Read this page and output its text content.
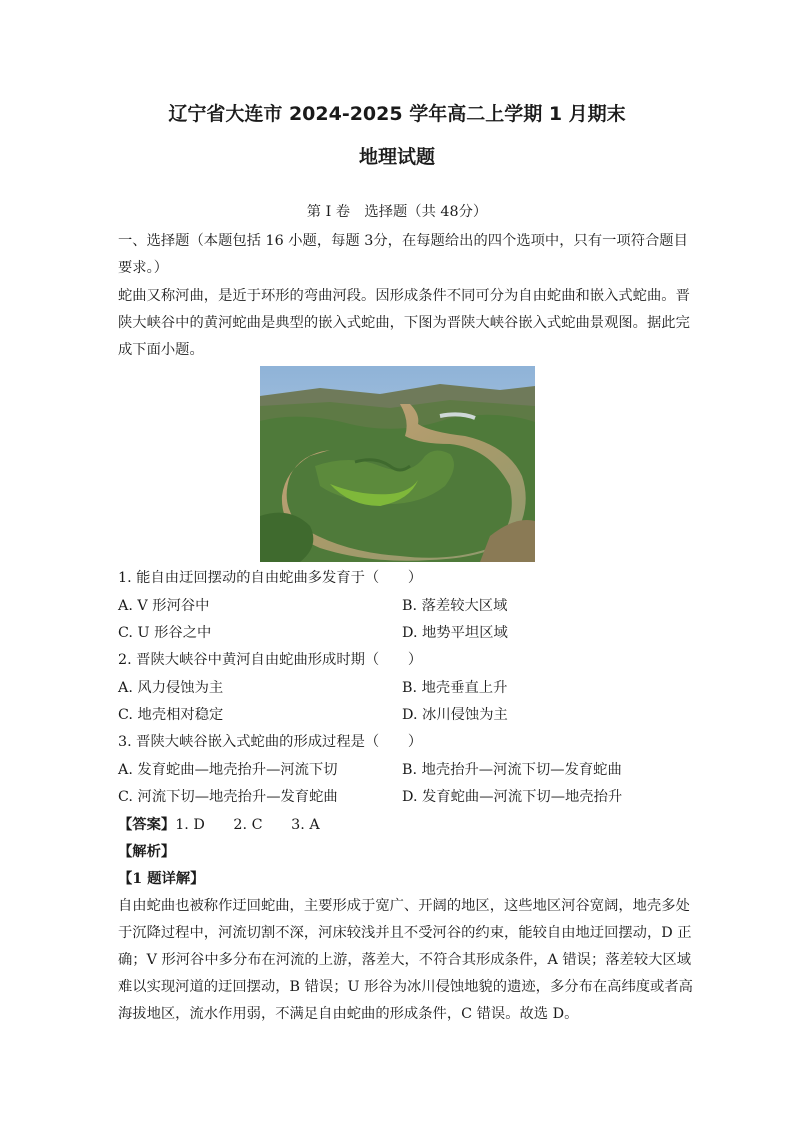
辽宁省大连市 2024-2025 学年高二上学期 1 月期末
地理试题
第 I 卷　选择题（共 48分）
一、选择题（本题包括 16 小题，每题 3分，在每题给出的四个选项中，只有一项符合题目
要求。）
蛇曲又称河曲，是近于环形的弯曲河段。因形成条件不同可分为自由蛇曲和嵌入式蛇曲。晋
陕大峡谷中的黄河蛇曲是典型的嵌入式蛇曲，下图为晋陕大峡谷嵌入式蛇曲景观图。据此完
成下面小题。
1. 能自由迂回摆动的自由蛇曲多发育于（　　）
A. V 形河谷中	B. 落差较大区域
C. U 形谷之中	D. 地势平坦区域
2. 晋陕大峡谷中黄河自由蛇曲形成时期（　　）
A. 风力侵蚀为主	B. 地壳垂直上升
C. 地壳相对稳定	D. 冰川侵蚀为主
3. 晋陕大峡谷嵌入式蛇曲的形成过程是（　　）
A. 发育蛇曲—地壳抬升—河流下切	B. 地壳抬升—河流下切—发育蛇曲
C. 河流下切—地壳抬升—发育蛇曲	D. 发育蛇曲—河流下切—地壳抬升
【答案】1. D　　2. C　　3. A
【解析】
【1 题详解】
自由蛇曲也被称作迂回蛇曲，主要形成于宽广、开阔的地区，这些地区河谷宽阔，地壳多处
于沉降过程中，河流切割不深，河床较浅并且不受河谷的约束，能较自由地迂回摆动，D 正
确；V 形河谷中多分布在河流的上游，落差大，不符合其形成条件，A 错误；落差较大区域
难以实现河道的迂回摆动，B 错误；U 形谷为冰川侵蚀地貌的遗迹，多分布在高纬度或者高
海拔地区，流水作用弱，不满足自由蛇曲的形成条件，C 错误。故选 D。
